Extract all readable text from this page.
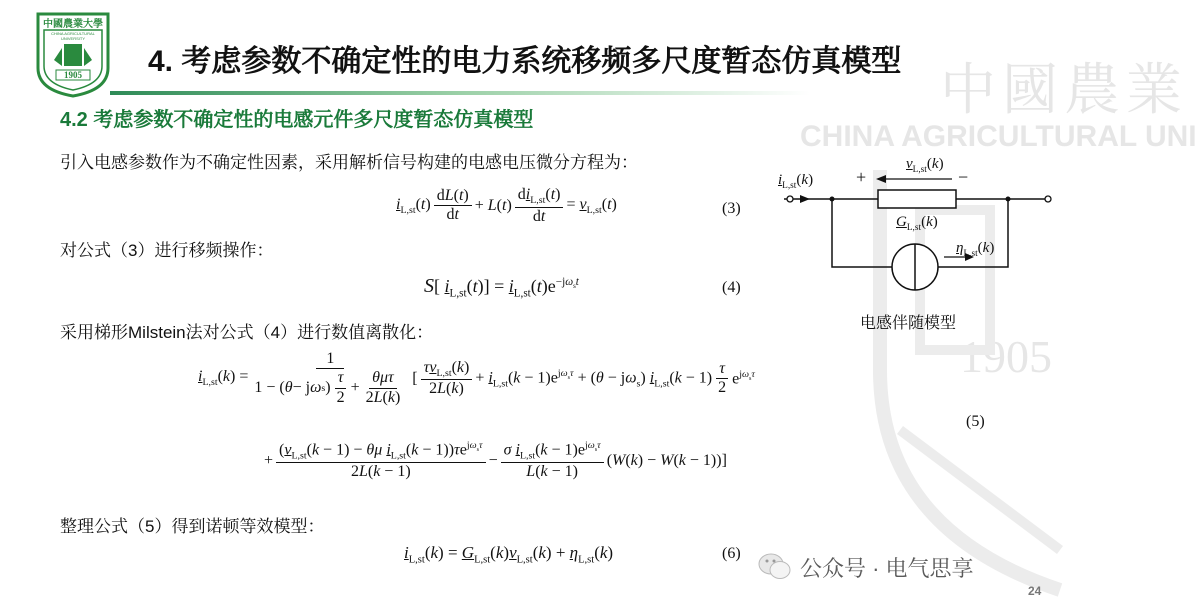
中國農業大學
CHINA AGRICULTURAL UNIVERSITY
1905	中國農業
CHINA AGRICULTURAL UNI
1905
4. 考虑参数不确定性的电力系统移频多尺度暂态仿真模型
4.2 考虑参数不确定性的电感元件多尺度暂态仿真模型
引入电感参数作为不确定性因素，采用解析信号构建的电感电压微分方程为：
对公式（3）进行移频操作：
采用梯形Milstein法对公式（4）进行数值离散化：
整理公式（5）得到诺顿等效模型：
$i_{L,st}(t) \frac{dL(t)}{dt} + L(t) \frac{di_{L,st}(t)}{dt} = v_{L,st}(t)$	(3)
S[ $i_{L,st}(t)] = i_{L,st}(t)e^{-j\omega_st}$	(4)
$i_{L,st}(k) = \frac{1}{1 - ( \theta - j \omega s ) \frac{\tau}{2} + \frac{\text{θμτ}}{2L(k)}}$ [ $\frac{\tau v_{L,st}(k)}{2L(k)} + i_{L,st}(k - 1)e^{j\omega_s\tau} + (\theta - j\omega_s) i_{L,st}(k - 1) \frac{\tau}{2} e^{j\omega_s\tau}$
+ $\frac{(v_{L,st}(k - 1) - \theta\mu i_{L,st}(k - 1))\tau e^{j\omega_s\tau}}{2L(k - 1)} - \frac{\sigma i_{L,st}(k - 1)e^{j\omega_s\tau}}{L(k - 1)} (W(k) - W(k - 1))$]
(5)
$i_{L,st}(k) = G_{L,st}(k)v_{L,st}(k) + \eta_{L,st}(k)$	(6)
+	−
$i_{L,st}(k)$
$v_{L,st}(k)$
$G_{L,st}(k)$
$\eta_{L,st}(k)$
电感伴随模型
公众号 · 电气思享
24
